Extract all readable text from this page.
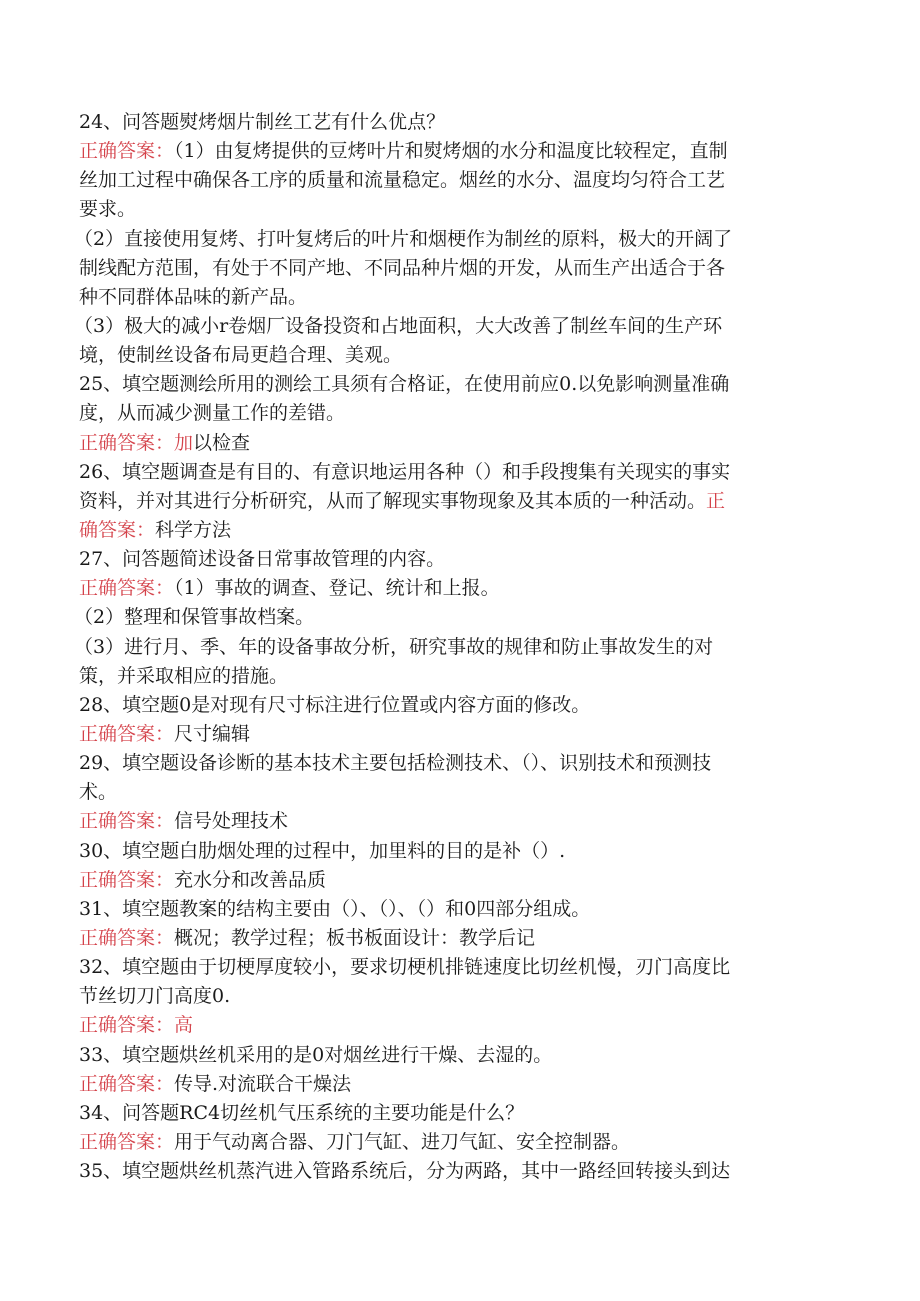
24、问答题熨烤烟片制丝工艺有什么优点？
正确答案：（1）由复烤提供的豆烤叶片和熨烤烟的水分和温度比较程定，直制
丝加工过程中确保各工序的质量和流量稳定。烟丝的水分、温度均匀符合工艺
要求。
（2）直接使用复烤、打叶复烤后的叶片和烟梗作为制丝的原料，极大的开阔了
制线配方范围，有处于不同产地、不同品种片烟的开发，从而生产出适合于各
种不同群体品味的新产品。
（3）极大的减小r卷烟厂设备投资和占地面积，大大改善了制丝车间的生产环
境，使制丝设备布局更趋合理、美观。
25、填空题测绘所用的测绘工具须有合格证，在使用前应0.以免影响测量准确
度，从而减少测量工作的差错。
正确答案：加以检查
26、填空题调查是有目的、有意识地运用各种（）和手段搜集有关现实的事实
资料，并对其进行分析研究，从而了解现实事物现象及其本质的一种活动。正
确答案：科学方法
27、问答题简述设备日常事故管理的内容。
正确答案：（1）事故的调查、登记、统计和上报。
（2）整理和保管事故档案。
（3）进行月、季、年的设备事故分析，研究事故的规律和防止事故发生的对
策，并采取相应的措施。
28、填空题0是对现有尺寸标注进行位置或内容方面的修改。
正确答案：尺寸编辑
29、填空题设备诊断的基本技术主要包括检测技术、（）、识别技术和预测技
术。
正确答案：信号处理技术
30、填空题白肋烟处理的过程中，加里料的目的是补（）.
正确答案：充水分和改善品质
31、填空题教案的结构主要由（）、（）、（）和0四部分组成。
正确答案：概况；教学过程；板书板面设计：教学后记
32、填空题由于切梗厚度较小，要求切梗机排链速度比切丝机慢，刃门高度比
节丝切刀门高度0.
正确答案：高
33、填空题烘丝机采用的是0对烟丝进行干燥、去湿的。
正确答案：传导.对流联合干燥法
34、问答题RC4切丝机气压系统的主要功能是什么？
正确答案：用于气动离合器、刀门气缸、进刀气缸、安全控制器。
35、填空题烘丝机蒸汽进入管路系统后，分为两路，其中一路经回转接头到达
